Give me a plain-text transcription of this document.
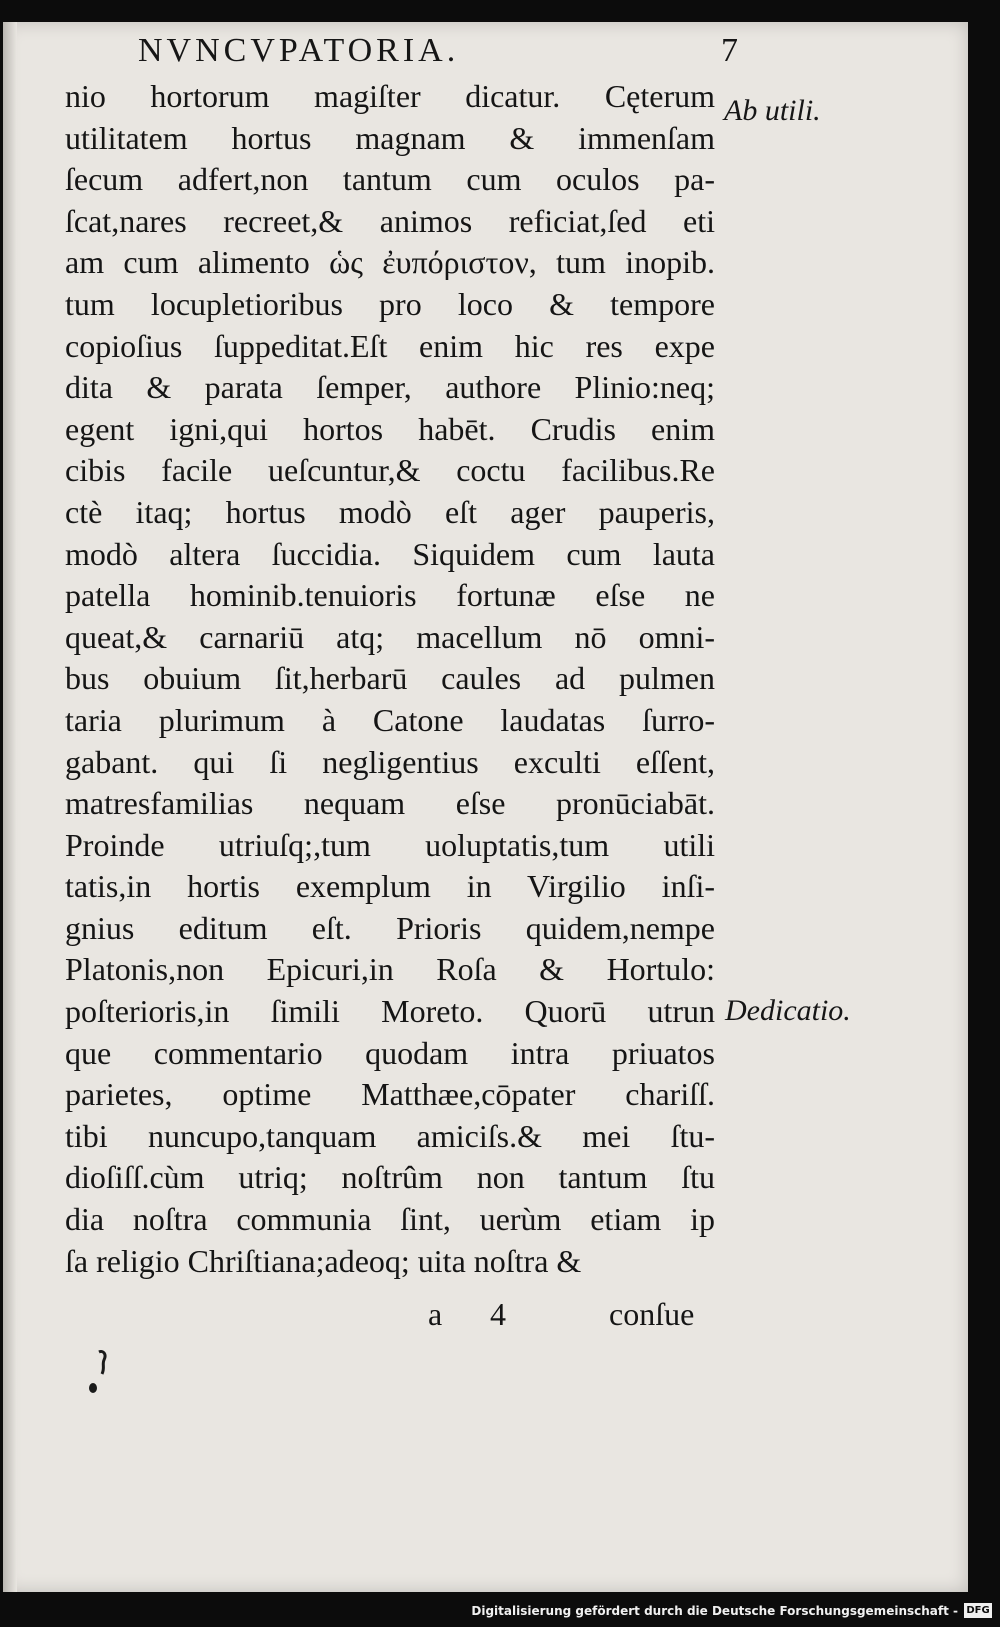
NVNCVPATORIA.	7
nio hortorum magiſter dicatur. Cęterum
utilitatem hortus magnam & immenſam
ſecum adfert,non tantum cum oculos pa-
ſcat,nares recreet,& animos reficiat,ſed eti
am cum alimento ὡς ἐυπόριστον, tum inopib.
tum locupletioribus pro loco & tempore
copioſius ſuppeditat.Eſt enim hic res expe
dita & parata ſemper, authore Plinio:neq;
egent igni,qui hortos habēt. Crudis enim
cibis facile ueſcuntur,& coctu facilibus.Re
ctè itaq; hortus modò eſt ager pauperis,
modò altera ſuccidia. Siquidem cum lauta
patella hominib.tenuioris fortunæ eſse ne
queat,& carnariū atq; macellum nō omni-
bus obuium ſit,herbarū caules ad pulmen
taria plurimum à Catone laudatas ſurro-
gabant. qui ſi negligentius exculti eſſent,
matresfamilias nequam eſse pronūciabāt.
Proinde utriuſq;,tum uoluptatis,tum utili
tatis,in hortis exemplum in Virgilio inſi-
gnius editum eſt. Prioris quidem,nempe
Platonis,non Epicuri,in Roſa & Hortulo:
poſterioris,in ſimili Moreto. Quorū utrun
que commentario quodam intra priuatos
parietes, optime Matthæe,cōpater chariſſ.
tibi nuncupo,tanquam amiciſs.& mei ſtu-
dioſiſſ.cùm utriq; noſtrûm non tantum ſtu
dia noſtra communia ſint, uerùm etiam ip
ſa religio Chriſtiana;adeoq; uita noſtra &
Ab utili.
Dedicatio.
a 4	conſue
Digitalisierung gefördert durch die Deutsche Forschungsgemeinschaft - DFG
